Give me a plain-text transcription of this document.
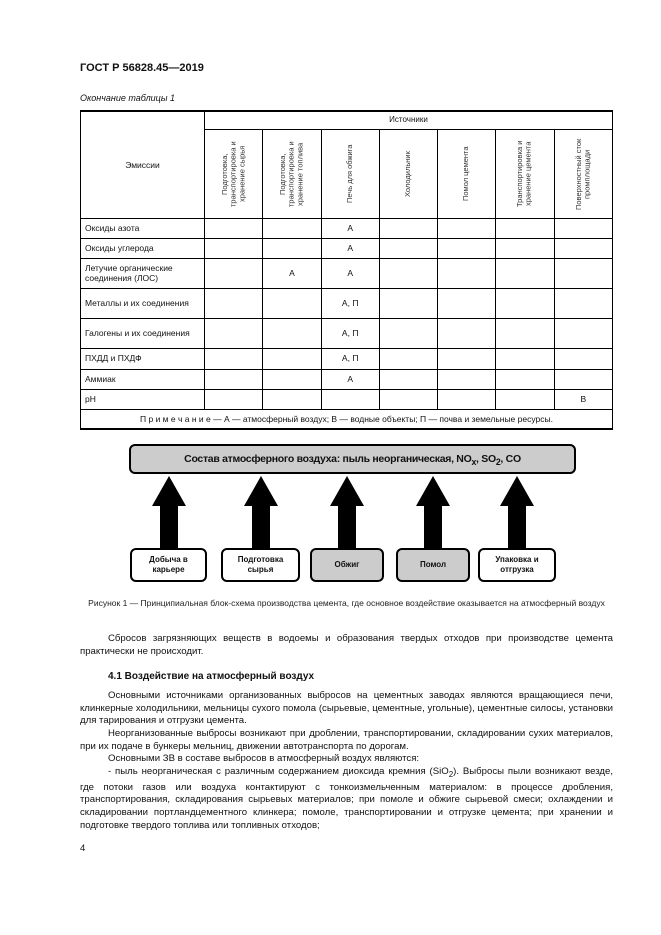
ГОСТ Р 56828.45—2019
Окончание таблицы 1
Эмиссии	Источники						

	Подготовка, транспортировка и хранение сырья	Подготовка, транспортировка и хранение топлива	Печь для обжига	Холодильник	Помол цемента	Транспортировка и хранение цемента	Поверхностный сток промплощади

Оксиды азота			А				
Оксиды углерода			А				
Летучие органические соединения (ЛОС)		А	А				
Металлы и их соединения			А, П				
Галогены и их соединения			А, П				
ПХДД и ПХДФ			А, П				
Аммиак			А				
pH							В
П р и м е ч а н и е — А — атмосферный воздух; В — водные объекты; П — почва и земельные ресурсы.							
Состав атмосферного воздуха: пыль неорганическая, $NO_x$, $SO_2$, CO
Добыча в карьере
Подготовка сырья
Обжиг	Помол
Упаковка и отгрузка
Рисунок 1 — Принципиальная блок-схема производства цемента, где основное воздействие оказывается на атмосферный воздух
Сбросов загрязняющих веществ в водоемы и образования твердых отходов при производстве цемента практически не происходит.
4.1 Воздействие на атмосферный воздух
Основными источниками организованных выбросов на цементных заводах являются вращающиеся печи, клинкерные холодильники, мельницы сухого помола (сырьевые, цементные, угольные), цементные силосы, установки для тарирования и отгрузки цемента.
Неорганизованные выбросы возникают при дроблении, транспортировании, складировании сухих материалов, при их подаче в бункеры мельниц, движении автотранспорта по дорогам.
Основными ЗВ в составе выбросов в атмосферный воздух являются:
- пыль неорганическая с различным содержанием диоксида кремния (SiO$_2$). Выбросы пыли возникают везде, где потоки газов или воздуха контактируют с тонкоизмельченным материалом: в процессе дробления, транспортирования, складирования сырьевых материалов; при помоле и обжиге сырьевой смеси; охлаждении и складировании портландцементного клинкера; помоле, транспортировании и отгрузке цемента; при хранении и подготовке твердого топлива или топливных отходов;
4
